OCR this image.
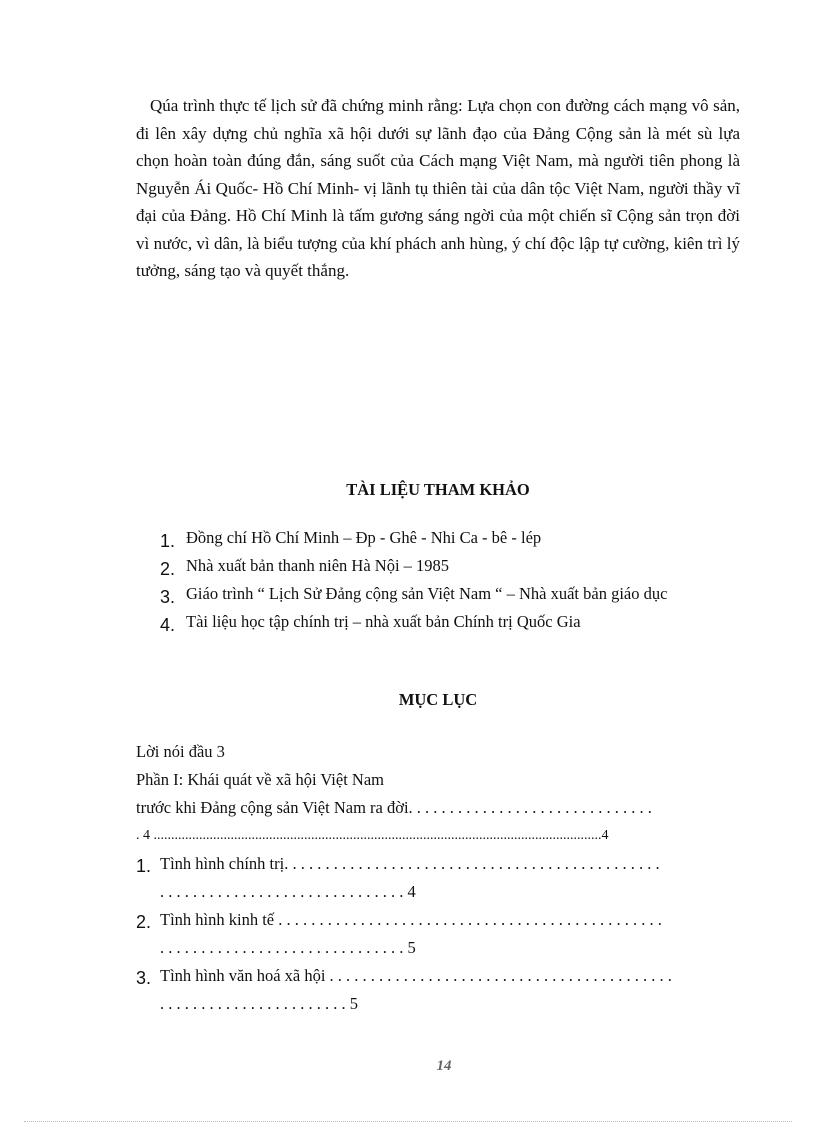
Qúa trình thực tế lịch sử đã chứng minh rằng: Lựa chọn con đường cách mạng vô sản, đi lên xây dựng chủ nghĩa xã hội dưới sự lãnh đạo của Đảng Cộng sản là mét sù lựa chọn hoàn toàn đúng đắn, sáng suốt của Cách mạng Việt Nam, mà người tiên phong là Nguyễn Ái Quốc- Hồ Chí Minh- vị lãnh tụ thiên tài của dân tộc Việt Nam, người thầy vĩ đại của Đảng. Hồ Chí Minh là tấm gương sáng ngời của một chiến sĩ Cộng sản trọn đời vì nước, vì dân, là biểu tượng của khí phách anh hùng, ý chí độc lập tự cường, kiên trì lý tưởng, sáng tạo và quyết thắng.

TÀI LIỆU THAM KHẢO
1. Đồng chí Hồ Chí Minh – Đp - Ghê - Nhi Ca - bê - lép
2. Nhà xuất bản thanh niên Hà Nội – 1985
3. Giáo trình “ Lịch Sử Đảng cộng sản Việt Nam “ – Nhà xuất bản giáo dục
4. Tài liệu học tập chính trị – nhà xuất bản Chính trị Quốc Gia
MỤC LỤC
Lời nói đầu 3
Phần I: Khái quát về xã hội Việt Nam
trước khi Đảng cộng sản Việt Nam ra đời. . . . . . . . . . . . . . . . . . . . . . . . . . . . . .
. 4 ................................................................................................................................4
1. Tình hình chính trị. . . . . . . . . . . . . . . . . . . . . . . . . . . . . . . . . . . . . . . . . . . . . .
. . . . . . . . . . . . . . . . . . . . . . . . . . . . . . 4
2. Tình hình kinh tế . . . . . . . . . . . . . . . . . . . . . . . . . . . . . . . . . . . . . . . . . . . . . . .
. . . . . . . . . . . . . . . . . . . . . . . . . . . . . . 5
3. Tình hình văn hoá xã hội . . . . . . . . . . . . . . . . . . . . . . . . . . . . . . . . . . . . . . . . . .
. . . . . . . . . . . . . . . . . . . . . . . 5
14
